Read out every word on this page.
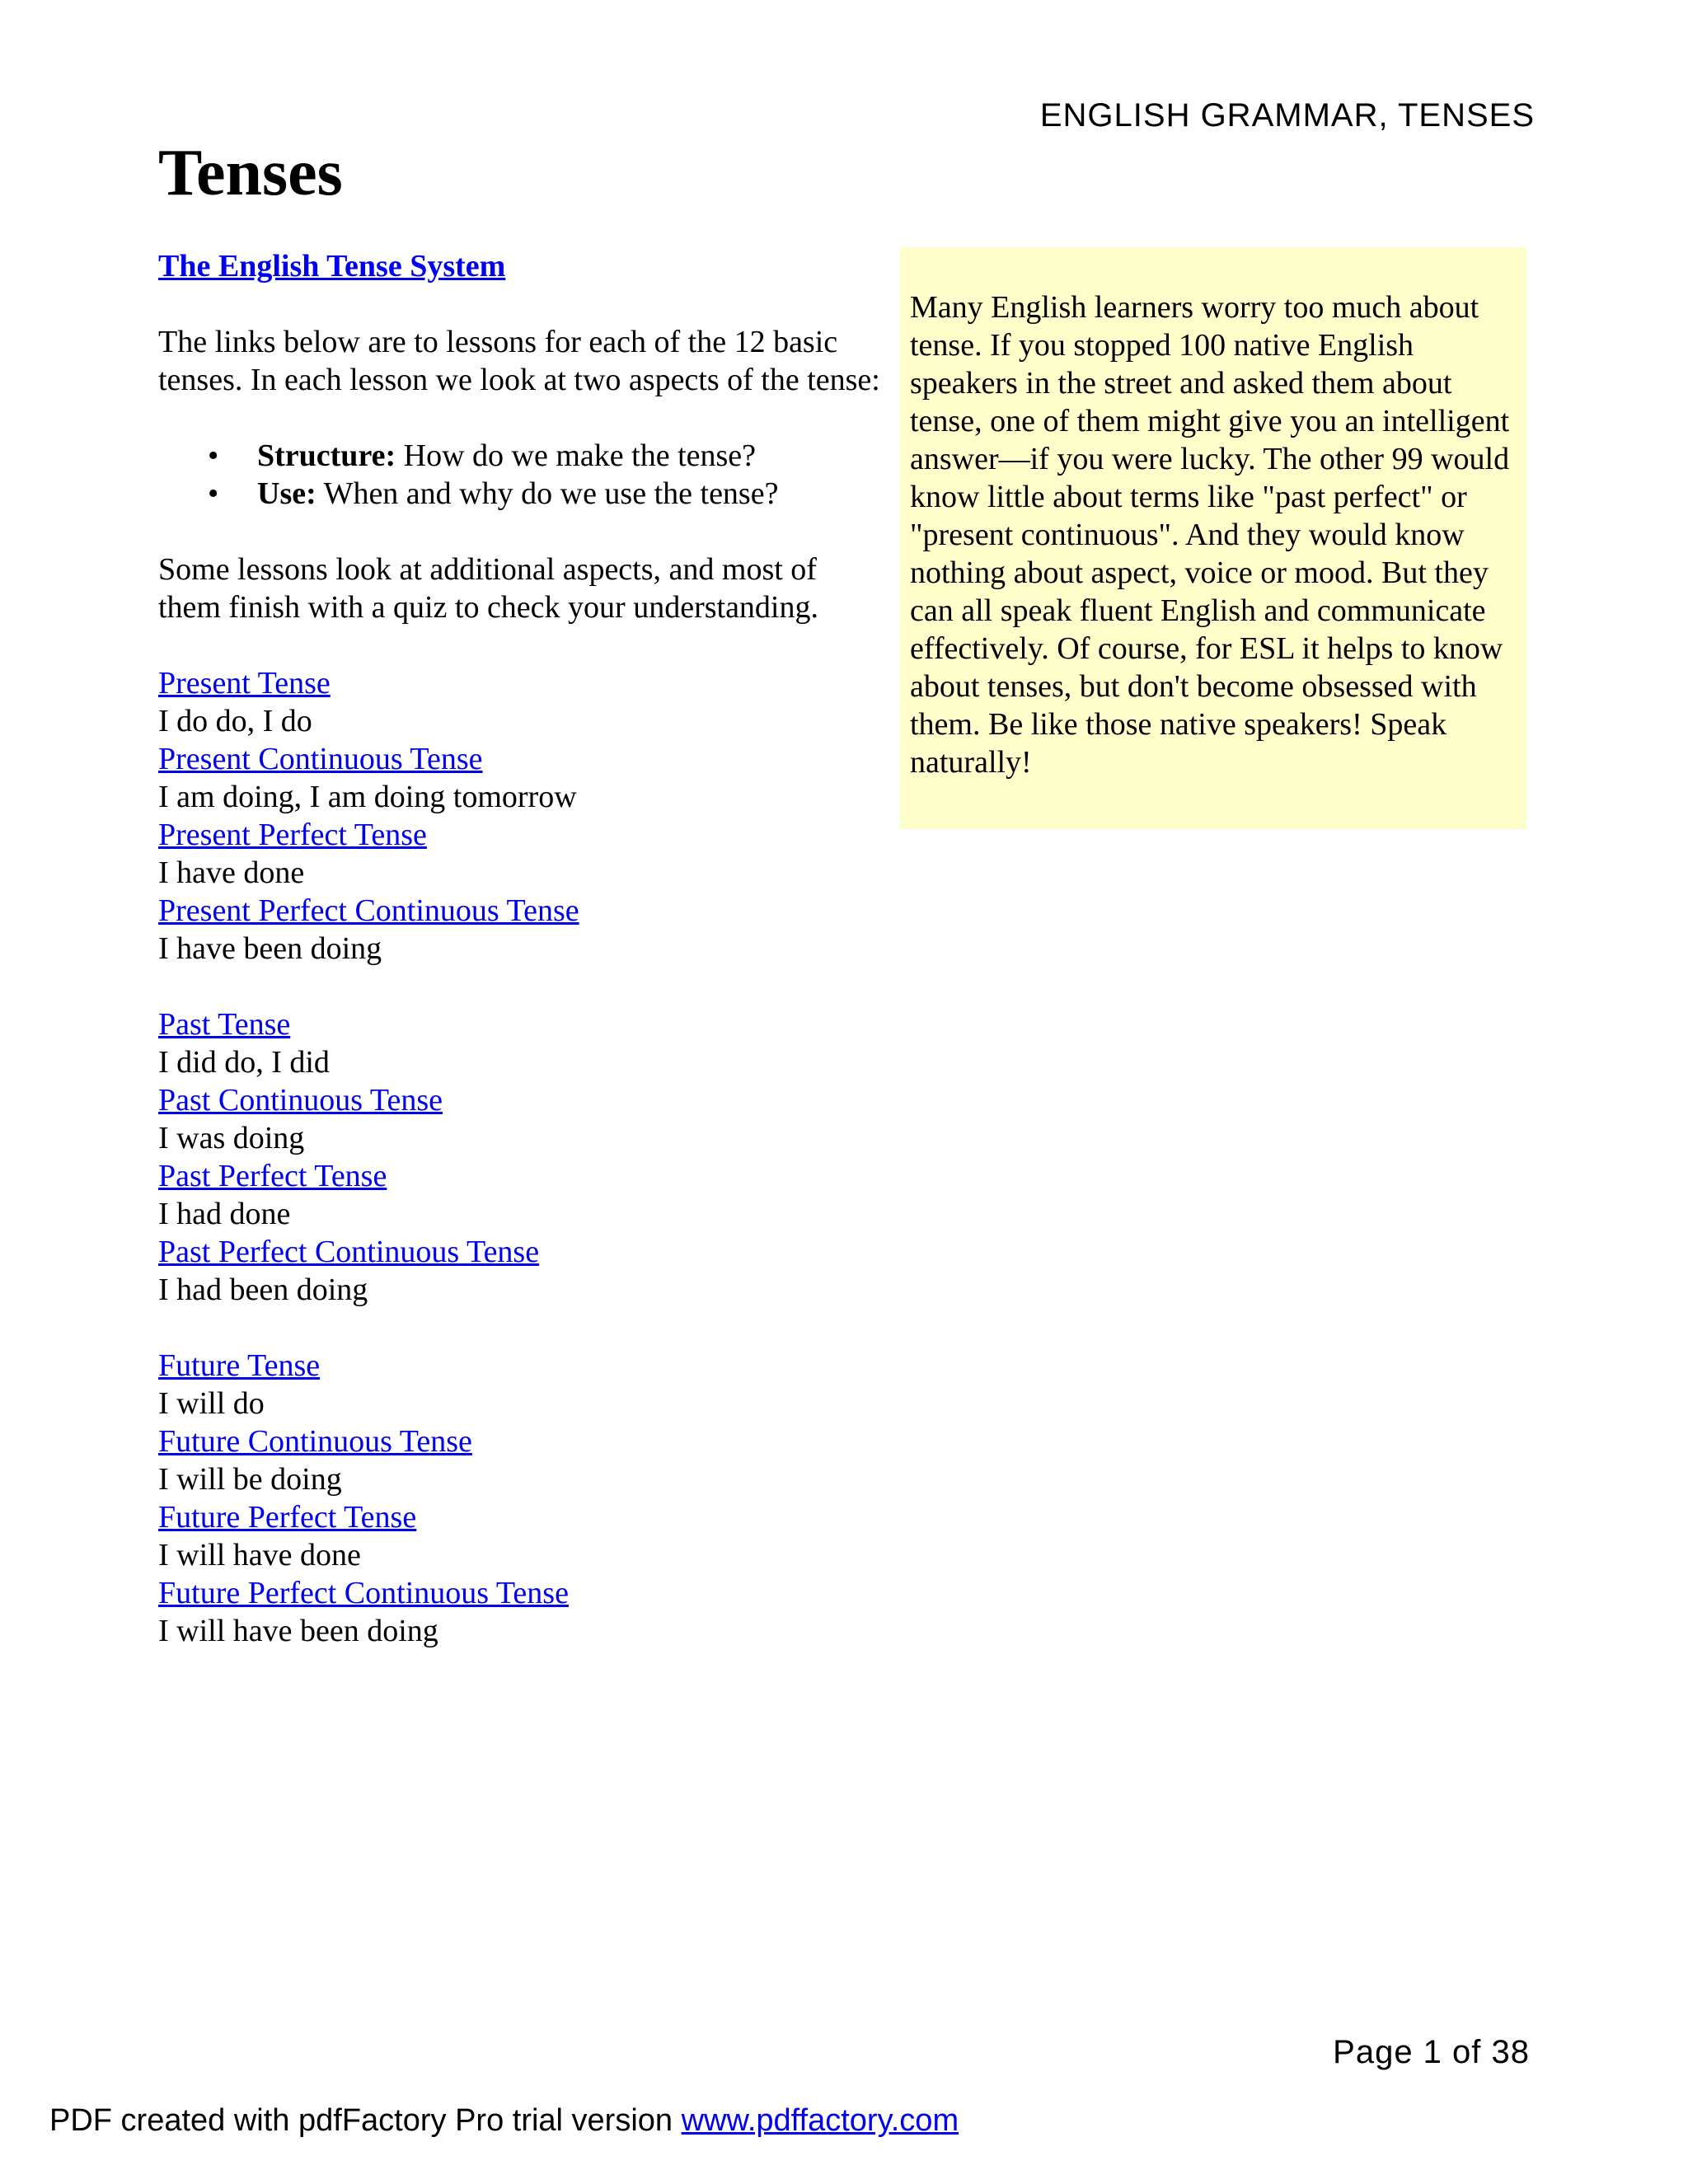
ENGLISH GRAMMAR, TENSES
Tenses

The English Tense System

The links below are to lessons for each of the 12 basic tenses. In each lesson we look at two aspects of the tense:

• Structure: How do we make the tense?
• Use: When and why do we use the tense?

Some lessons look at additional aspects, and most of them finish with a quiz to check your understanding.

Present Tense
I do do, I do
Present Continuous Tense
I am doing, I am doing tomorrow
Present Perfect Tense
I have done
Present Perfect Continuous Tense
I have been doing
Past Tense
I did do, I did
Past Continuous Tense
I was doing
Past Perfect Tense
I had done
Past Perfect Continuous Tense
I had been doing
Future Tense
I will do
Future Continuous Tense
I will be doing
Future Perfect Tense
I will have done
Future Perfect Continuous Tense
I will have been doing

Many English learners worry too much about tense. If you stopped 100 native English speakers in the street and asked them about tense, one of them might give you an intelligent answer—if you were lucky. The other 99 would know little about terms like "past perfect" or "present continuous". And they would know nothing about aspect, voice or mood. But they can all speak fluent English and communicate effectively. Of course, for ESL it helps to know about tenses, but don't become obsessed with them. Be like those native speakers! Speak naturally!

Page 1 of 38
PDF created with pdfFactory Pro trial version www.pdffactory.com
